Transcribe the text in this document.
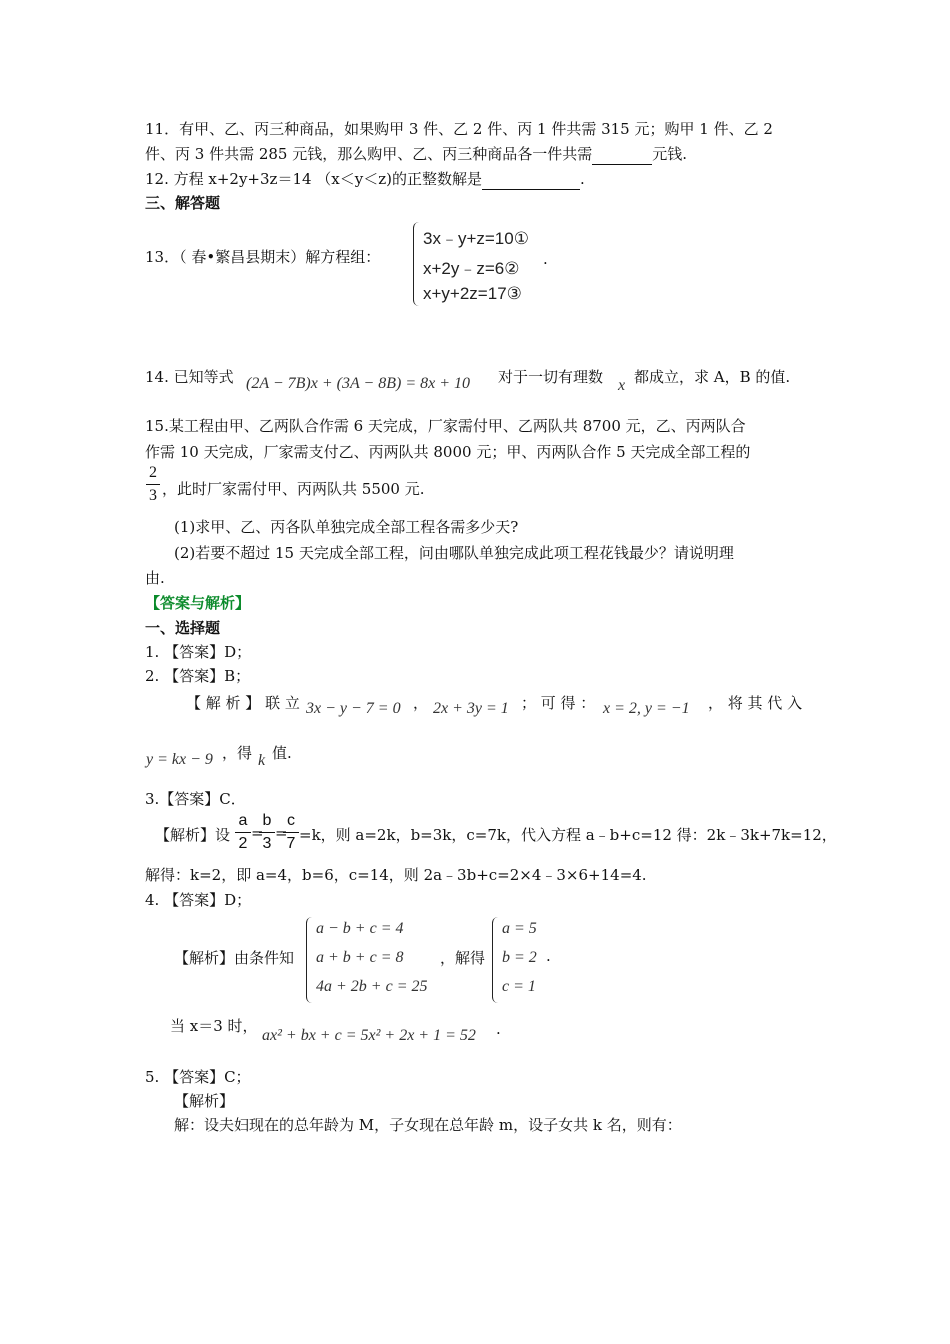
11．有甲、乙、丙三种商品，如果购甲 3 件、乙 2 件、丙 1 件共需 315 元；购甲 1 件、乙 2
件、丙 3 件共需 285 元钱，那么购甲、乙、丙三种商品各一件共需	元钱.
12. 方程 x+2y+3z＝14 （x＜y＜z)的正整数解是	.
三、解答题
13．（ 春•繁昌县期末）解方程组：
3x﹣y+z=10①
x+2y﹣z=6②
x+y+2z=17③
.
14. 已知等式 (2A − 7B)x + (3A − 8B) = 8x + 10 对于一切有理数 x 都成立，求 A，B 的值.
15.某工程由甲、乙两队合作需 6 天完成，厂家需付甲、乙两队共 8700 元，乙、丙两队合
作需 10 天完成，厂家需支付乙、丙两队共 8000 元；甲、丙两队合作 5 天完成全部工程的
2
3 ，此时厂家需付甲、丙两队共 5500 元.
(1)求甲、乙、丙各队单独完成全部工程各需多少天?
(2)若要不超过 15 天完成全部工程，问由哪队单独完成此项工程花钱最少？请说明理
由.
【答案与解析】
一、选择题
1. 【答案】D；
2. 【答案】B；
【 解 析 】 联 立 3x − y − 7 = 0 ， 2x + 3y = 1 ； 可 得 ： x = 2, y = −1 ， 将 其 代 入
y = kx − 9 ，得 k 值.
3.【答案】C．
【解析】设
a
2
=
b
3
=
c
7 =k，则 a=2k，b=3k，c=7k，代入方程 a﹣b+c=12 得：2k﹣3k+7k=12，
解得：k=2，即 a=4，b=6，c=14，则 2a﹣3b+c=2×4﹣3×6+14=4.
4. 【答案】D；
【解析】由条件知
a − b + c = 4
a + b + c = 8
4a + 2b + c = 25
，解得
a = 5
b = 2
c = 1
.
当 x＝3 时，
ax² + bx + c = 5x² + 2x + 1 = 52 .
5. 【答案】C；
【解析】
解：设夫妇现在的总年龄为 M，子女现在总年龄 m，设子女共 k 名，则有：
